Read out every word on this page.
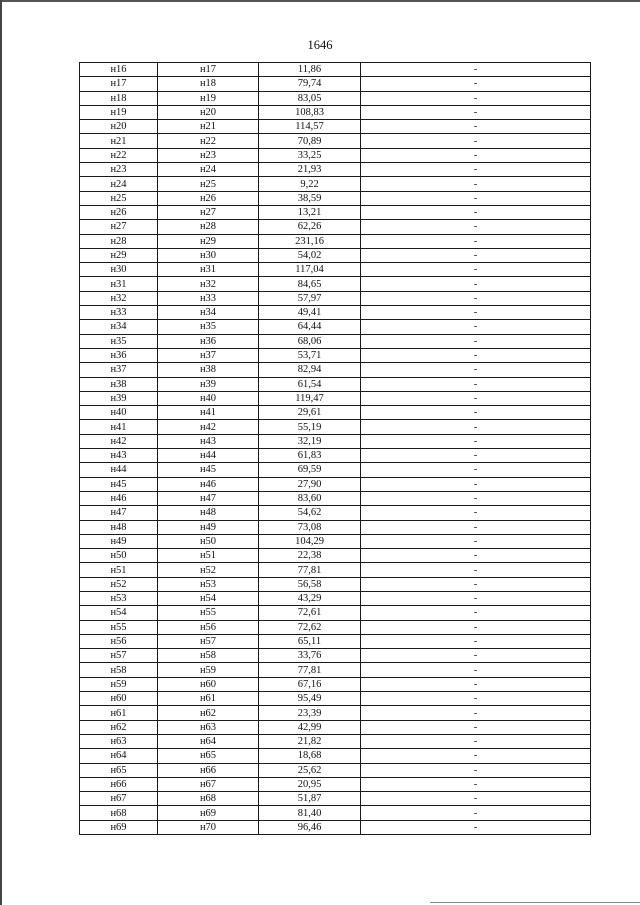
1646
н16	н17	11,86	-
н17	н18	79,74	-
н18	н19	83,05	-
н19	н20	108,83	-
н20	н21	114,57	-
н21	н22	70,89	-
н22	н23	33,25	-
н23	н24	21,93	-
н24	н25	9,22	-
н25	н26	38,59	-
н26	н27	13,21	-
н27	н28	62,26	-
н28	н29	231,16	-
н29	н30	54,02	-
н30	н31	117,04	-
н31	н32	84,65	-
н32	н33	57,97	-
н33	н34	49,41	-
н34	н35	64,44	-
н35	н36	68,06	-
н36	н37	53,71	-
н37	н38	82,94	-
н38	н39	61,54	-
н39	н40	119,47	-
н40	н41	29,61	-
н41	н42	55,19	-
н42	н43	32,19	-
н43	н44	61,83	-
н44	н45	69,59	-
н45	н46	27,90	-
н46	н47	83,60	-
н47	н48	54,62	-
н48	н49	73,08	-
н49	н50	104,29	-
н50	н51	22,38	-
н51	н52	77,81	-
н52	н53	56,58	-
н53	н54	43,29	-
н54	н55	72,61	-
н55	н56	72,62	-
н56	н57	65,11	-
н57	н58	33,76	-
н58	н59	77,81	-
н59	н60	67,16	-
н60	н61	95,49	-
н61	н62	23,39	-
н62	н63	42,99	-
н63	н64	21,82	-
н64	н65	18,68	-
н65	н66	25,62	-
н66	н67	20,95	-
н67	н68	51,87	-
н68	н69	81,40	-
н69	н70	96,46	-
